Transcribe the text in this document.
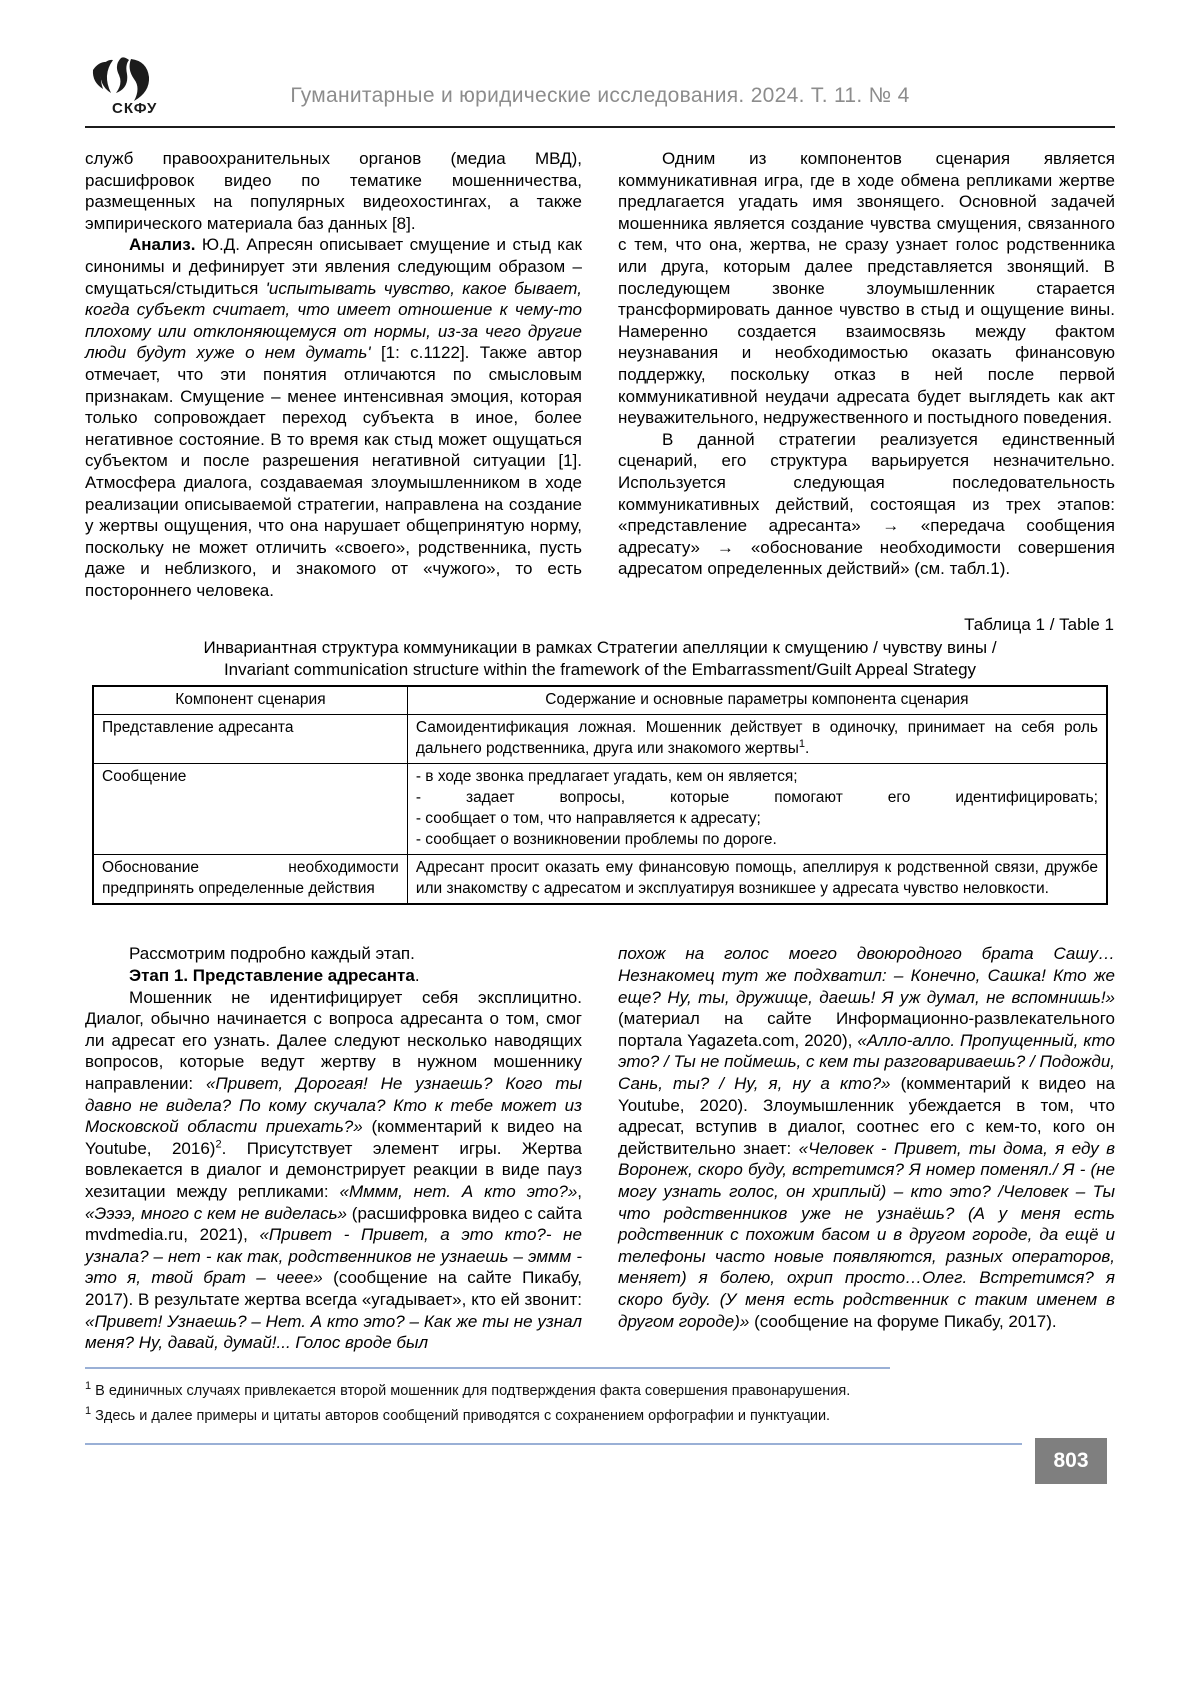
СКФУ
Гуманитарные и юридические исследования. 2024. Т. 11. № 4
служб правоохранительных органов (медиа МВД), расшифровок видео по тематике мошенничества, размещенных на популярных видеохостингах, а также эмпирического материала баз данных [8].
Анализ. Ю.Д. Апресян описывает смущение и стыд как синонимы и дефинирует эти явления следующим образом – смущаться/стыдиться 'испытывать чувство, какое бывает, когда субъект считает, что имеет отношение к чему-то плохому или отклоняющемуся от нормы, из-за чего другие люди будут хуже о нем думать' [1: с.1122]. Также автор отмечает, что эти понятия отличаются по смысловым признакам. Смущение – менее интенсивная эмоция, которая только сопровождает переход субъекта в иное, более негативное состояние. В то время как стыд может ощущаться субъектом и после разрешения негативной ситуации [1]. Атмосфера диалога, создаваемая злоумышленником в ходе реализации описываемой стратегии, направлена на создание у жертвы ощущения, что она нарушает общепринятую норму, поскольку не может отличить «своего», родственника, пусть даже и неблизкого, и знакомого от «чужого», то есть постороннего человека.
Одним из компонентов сценария является коммуникативная игра, где в ходе обмена репликами жертве предлагается угадать имя звонящего. Основной задачей мошенника является создание чувства смущения, связанного с тем, что она, жертва, не сразу узнает голос родственника или друга, которым далее представляется звонящий. В последующем звонке злоумышленник старается трансформировать данное чувство в стыд и ощущение вины. Намеренно создается взаимосвязь между фактом неузнавания и необходимостью оказать финансовую поддержку, поскольку отказ в ней после первой коммуникативной неудачи адресата будет выглядеть как акт неуважительного, недружественного и постыдного поведения.
В данной стратегии реализуется единственный сценарий, его структура варьируется незначительно. Используется следующая последовательность коммуникативных действий, состоящая из трех этапов: «представление адресанта» → «передача сообщения адресату» → «обоснование необходимости совершения адресатом определенных действий» (см. табл.1).
Таблица 1 / Table 1
Инвариантная структура коммуникации в рамках Стратегии апелляции к смущению / чувству вины /
Invariant communication structure within the framework of the Embarrassment/Guilt Appeal Strategy
Компонент сценария	Содержание и основные параметры компонента сценария
Представление адресанта	Самоидентификация ложная. Мошенник действует в одиночку, принимает на себя роль дальнего родственника, друга или знакомого жертвы$^1$.
Сообщение	- в ходе звонка предлагает угадать, кем он является;
- задает вопросы, которые помогают его идентифицировать;
- сообщает о том, что направляется к адресату;
- сообщает о возникновении проблемы по дороге.

Обоснование необходимости предпринять определенные действия	Адресант просит оказать ему финансовую помощь, апеллируя к родственной связи, дружбе или знакомству с адресатом и эксплуатируя возникшее у адресата чувство неловкости.
Рассмотрим подробно каждый этап.
Этап 1. Представление адресанта.
Мошенник не идентифицирует себя эксплицитно. Диалог, обычно начинается с вопроса адресанта о том, смог ли адресат его узнать. Далее следуют несколько наводящих вопросов, которые ведут жертву в нужном мошеннику направлении: «Привет, Дорогая! Не узнаешь? Кого ты давно не видела? По кому скучала? Кто к тебе может из Московской области приехать?» (комментарий к видео на Youtube, 2016)$^2$. Присутствует элемент игры. Жертва вовлекается в диалог и демонстрирует реакции в виде пауз хезитации между репликами: «Мммм, нет. А кто это?», «Ээээ, много с кем не виделась» (расшифровка видео с сайта mvdmedia.ru, 2021), «Привет - Привет, а это кто?- не узнала? – нет - как так, родственников не узнаешь – эммм - это я, твой брат – чеее» (сообщение на сайте Пикабу, 2017). В результате жертва всегда «угадывает», кто ей звонит: «Привет! Узнаешь? – Нет. А кто это? – Как же ты не узнал меня? Ну, давай, думай!... Голос вроде был
похож на голос моего двоюродного брата Сашу… Незнакомец тут же подхватил: – Конечно, Сашка! Кто же еще? Ну, ты, дружище, даешь! Я уж думал, не вспомнишь!» (материал на сайте Информационно-развлекательного портала Yagazeta.com, 2020), «Алло-алло. Пропущенный, кто это? / Ты не поймешь, с кем ты разговариваешь? / Подожди, Сань, ты? / Ну, я, ну а кто?» (комментарий к видео на Youtube, 2020). Злоумышленник убеждается в том, что адресат, вступив в диалог, соотнес его с кем-то, кого он действительно знает: «Человек - Привет, ты дома, я еду в Воронеж, скоро буду, встретимся? Я номер поменял./ Я - (не могу узнать голос, он хриплый) – кто это? /Человек – Ты что родственников уже не узнаёшь? (А у меня есть родственник с похожим басом и в другом городе, да ещё и телефоны часто новые появляются, разных операторов, меняет) я болею, охрип просто…Олег. Встретимся? я скоро буду. (У меня есть родственник с таким именем в другом городе)» (сообщение на форуме Пикабу, 2017).
$^1$ В единичных случаях привлекается второй мошенник для подтверждения факта совершения правонарушения.
$^1$ Здесь и далее примеры и цитаты авторов сообщений приводятся с сохранением орфографии и пунктуации.
803
